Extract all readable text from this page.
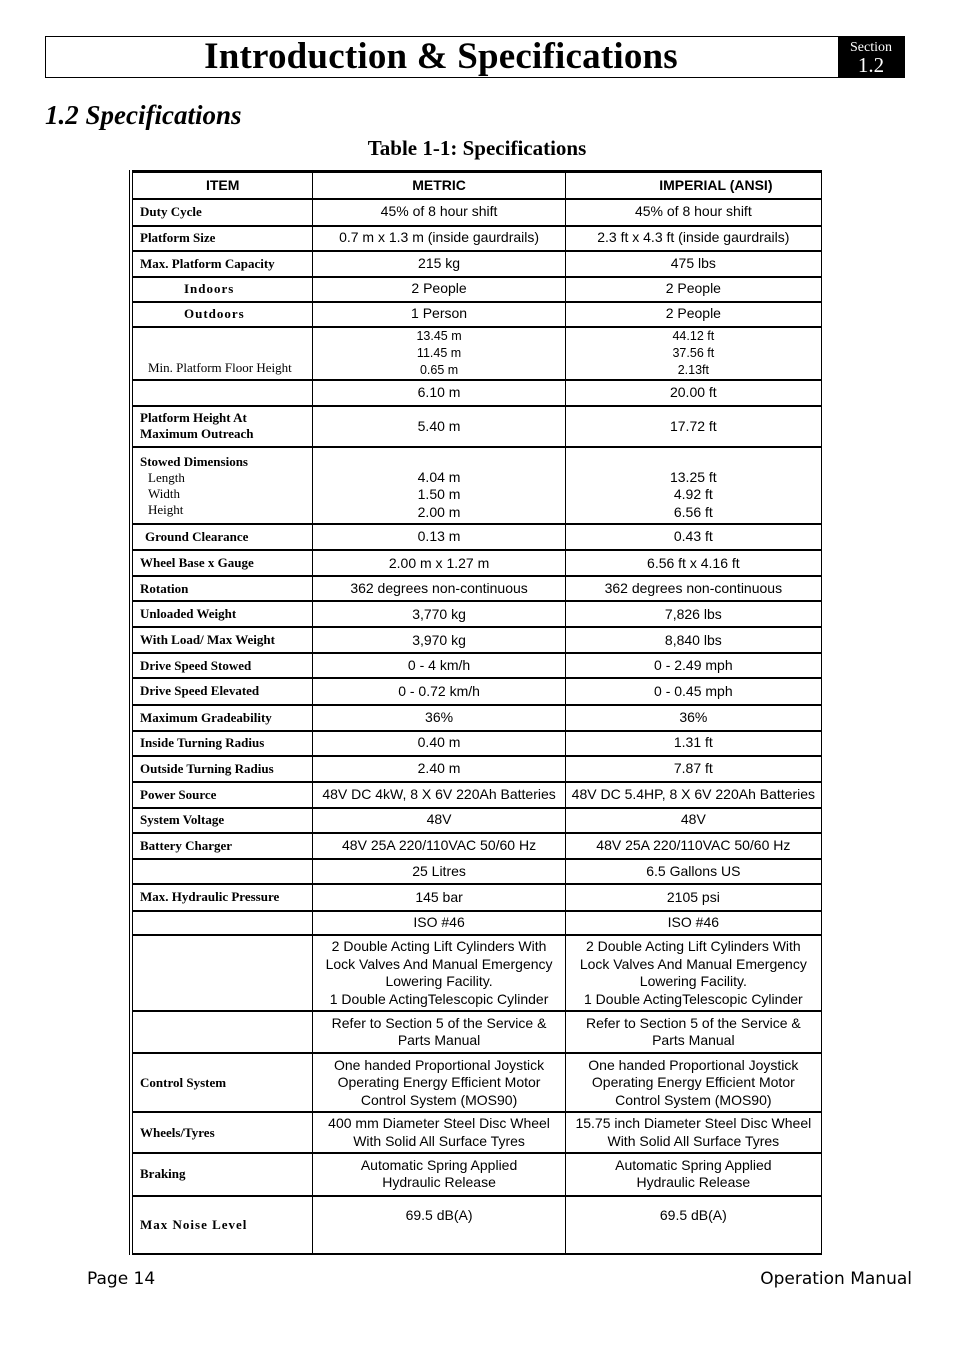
Introduction & Specifications	Section
1.2
1.2 Specifications
Table 1-1: Specifications
ITEM	METRIC	IMPERIAL (ANSI)

Duty Cycle	45% of 8 hour shift	45% of 8 hour shift

Platform Size	0.7 m x 1.3 m (inside gaurdrails)	2.3 ft x 4.3 ft (inside gaurdrails)

Max. Platform Capacity	215 kg	475 lbs

Indoors	2 People	2 People

Outdoors	1 Person	2 People

Min. Platform Floor Height	13.45 m
11.45 m
0.65 m	44.12 ft
37.56 ft
2.13ft

	6.10 m	20.00 ft

Platform Height At
Maximum Outreach	5.40 m	17.72 ft

Stowed Dimensions
Length
Width
Height	4.04 m
1.50 m
2.00 m	13.25 ft
4.92 ft
6.56 ft

Ground Clearance	0.13 m	0.43 ft

Wheel Base x Gauge	2.00 m x 1.27 m	6.56 ft x 4.16 ft

Rotation	362 degrees non-continuous	362 degrees non-continuous

Unloaded Weight	3,770 kg	7,826 lbs

With Load/ Max Weight	3,970 kg	8,840 lbs

Drive Speed Stowed	0 - 4 km/h	0 - 2.49 mph

Drive Speed Elevated	0 - 0.72 km/h	0 - 0.45 mph

Maximum Gradeability	36%	36%

Inside Turning Radius	0.40 m	1.31 ft

Outside Turning Radius	2.40 m	7.87 ft

Power Source	48V DC 4kW, 8 X 6V 220Ah Batteries	48V DC 5.4HP, 8 X 6V 220Ah Batteries

System Voltage	48V	48V

Battery Charger	48V 25A 220/110VAC 50/60 Hz	48V 25A 220/110VAC 50/60 Hz

	25 Litres	6.5 Gallons US

Max. Hydraulic Pressure	145 bar	2105 psi

	ISO #46	ISO #46

	2 Double Acting Lift Cylinders With
Lock Valves And Manual Emergency
Lowering Facility.
1 Double ActingTelescopic Cylinder	2 Double Acting Lift Cylinders With
Lock Valves And Manual Emergency
Lowering Facility.
1 Double ActingTelescopic Cylinder

	Refer to Section 5 of the Service &
Parts Manual	Refer to Section 5 of the Service &
Parts Manual

Control System	One handed Proportional Joystick
Operating Energy Efficient Motor
Control System (MOS90)	One handed Proportional Joystick
Operating Energy Efficient Motor
Control System (MOS90)

Wheels/Tyres	400 mm Diameter Steel Disc Wheel
With Solid All Surface Tyres	15.75 inch Diameter Steel Disc Wheel
With Solid All Surface Tyres

Braking	Automatic Spring Applied
Hydraulic Release	Automatic Spring Applied
Hydraulic Release

Max Noise Level	69.5 dB(A)	69.5 dB(A)
Page 14	Operation Manual
